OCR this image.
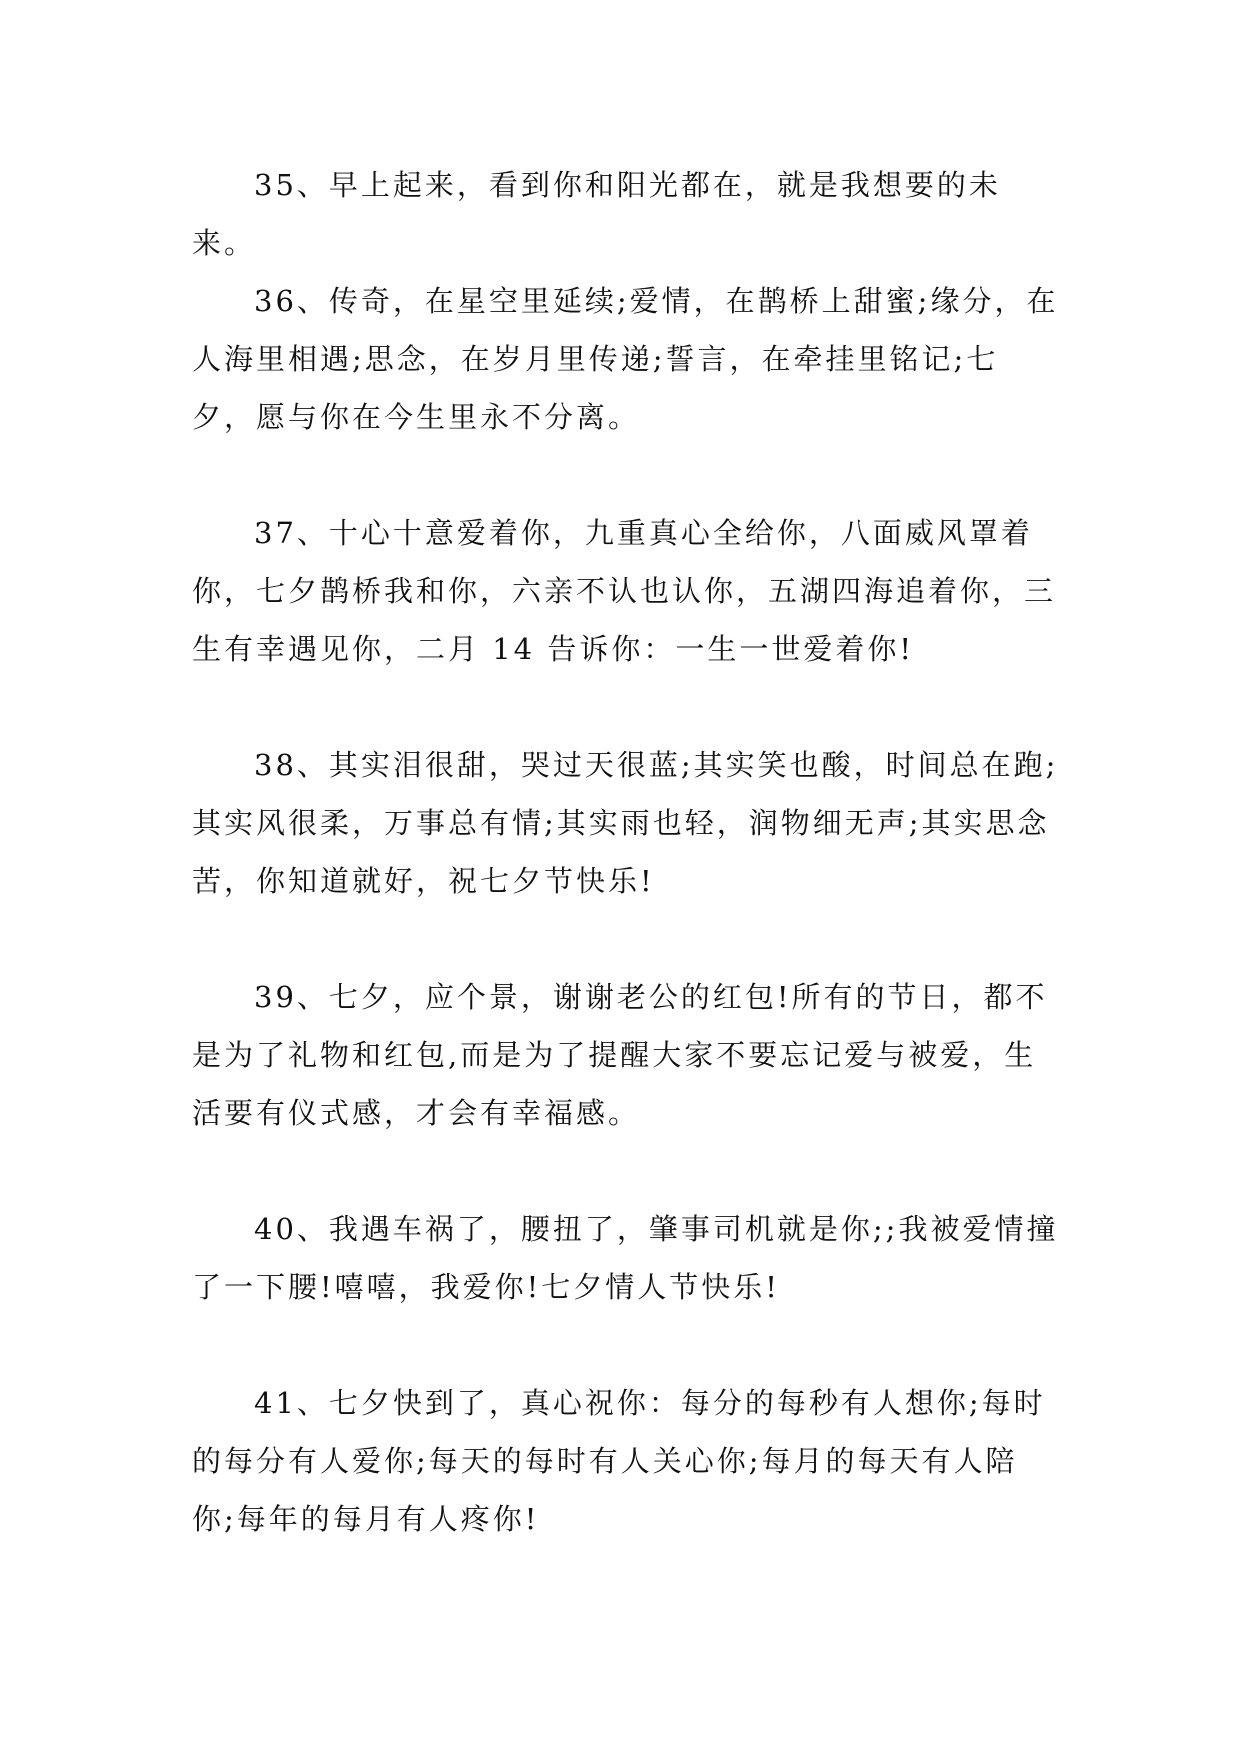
35、早上起来，看到你和阳光都在，就是我想要的未来。

36、传奇，在星空里延续;爱情，在鹊桥上甜蜜;缘分，在人海里相遇;思念，在岁月里传递;誓言，在牵挂里铭记;七夕，愿与你在今生里永不分离。

37、十心十意爱着你，九重真心全给你，八面威风罩着你，七夕鹊桥我和你，六亲不认也认你，五湖四海追着你，三生有幸遇见你，二月 14 告诉你：一生一世爱着你!

38、其实泪很甜，哭过天很蓝;其实笑也酸，时间总在跑;其实风很柔，万事总有情;其实雨也轻，润物细无声;其实思念苦，你知道就好，祝七夕节快乐!

39、七夕，应个景，谢谢老公的红包!所有的节日，都不是为了礼物和红包,而是为了提醒大家不要忘记爱与被爱，生活要有仪式感，才会有幸福感。

40、我遇车祸了，腰扭了，肇事司机就是你;;我被爱情撞了一下腰!嘻嘻，我爱你!七夕情人节快乐!

41、七夕快到了，真心祝你：每分的每秒有人想你;每时的每分有人爱你;每天的每时有人关心你;每月的每天有人陪你;每年的每月有人疼你!
